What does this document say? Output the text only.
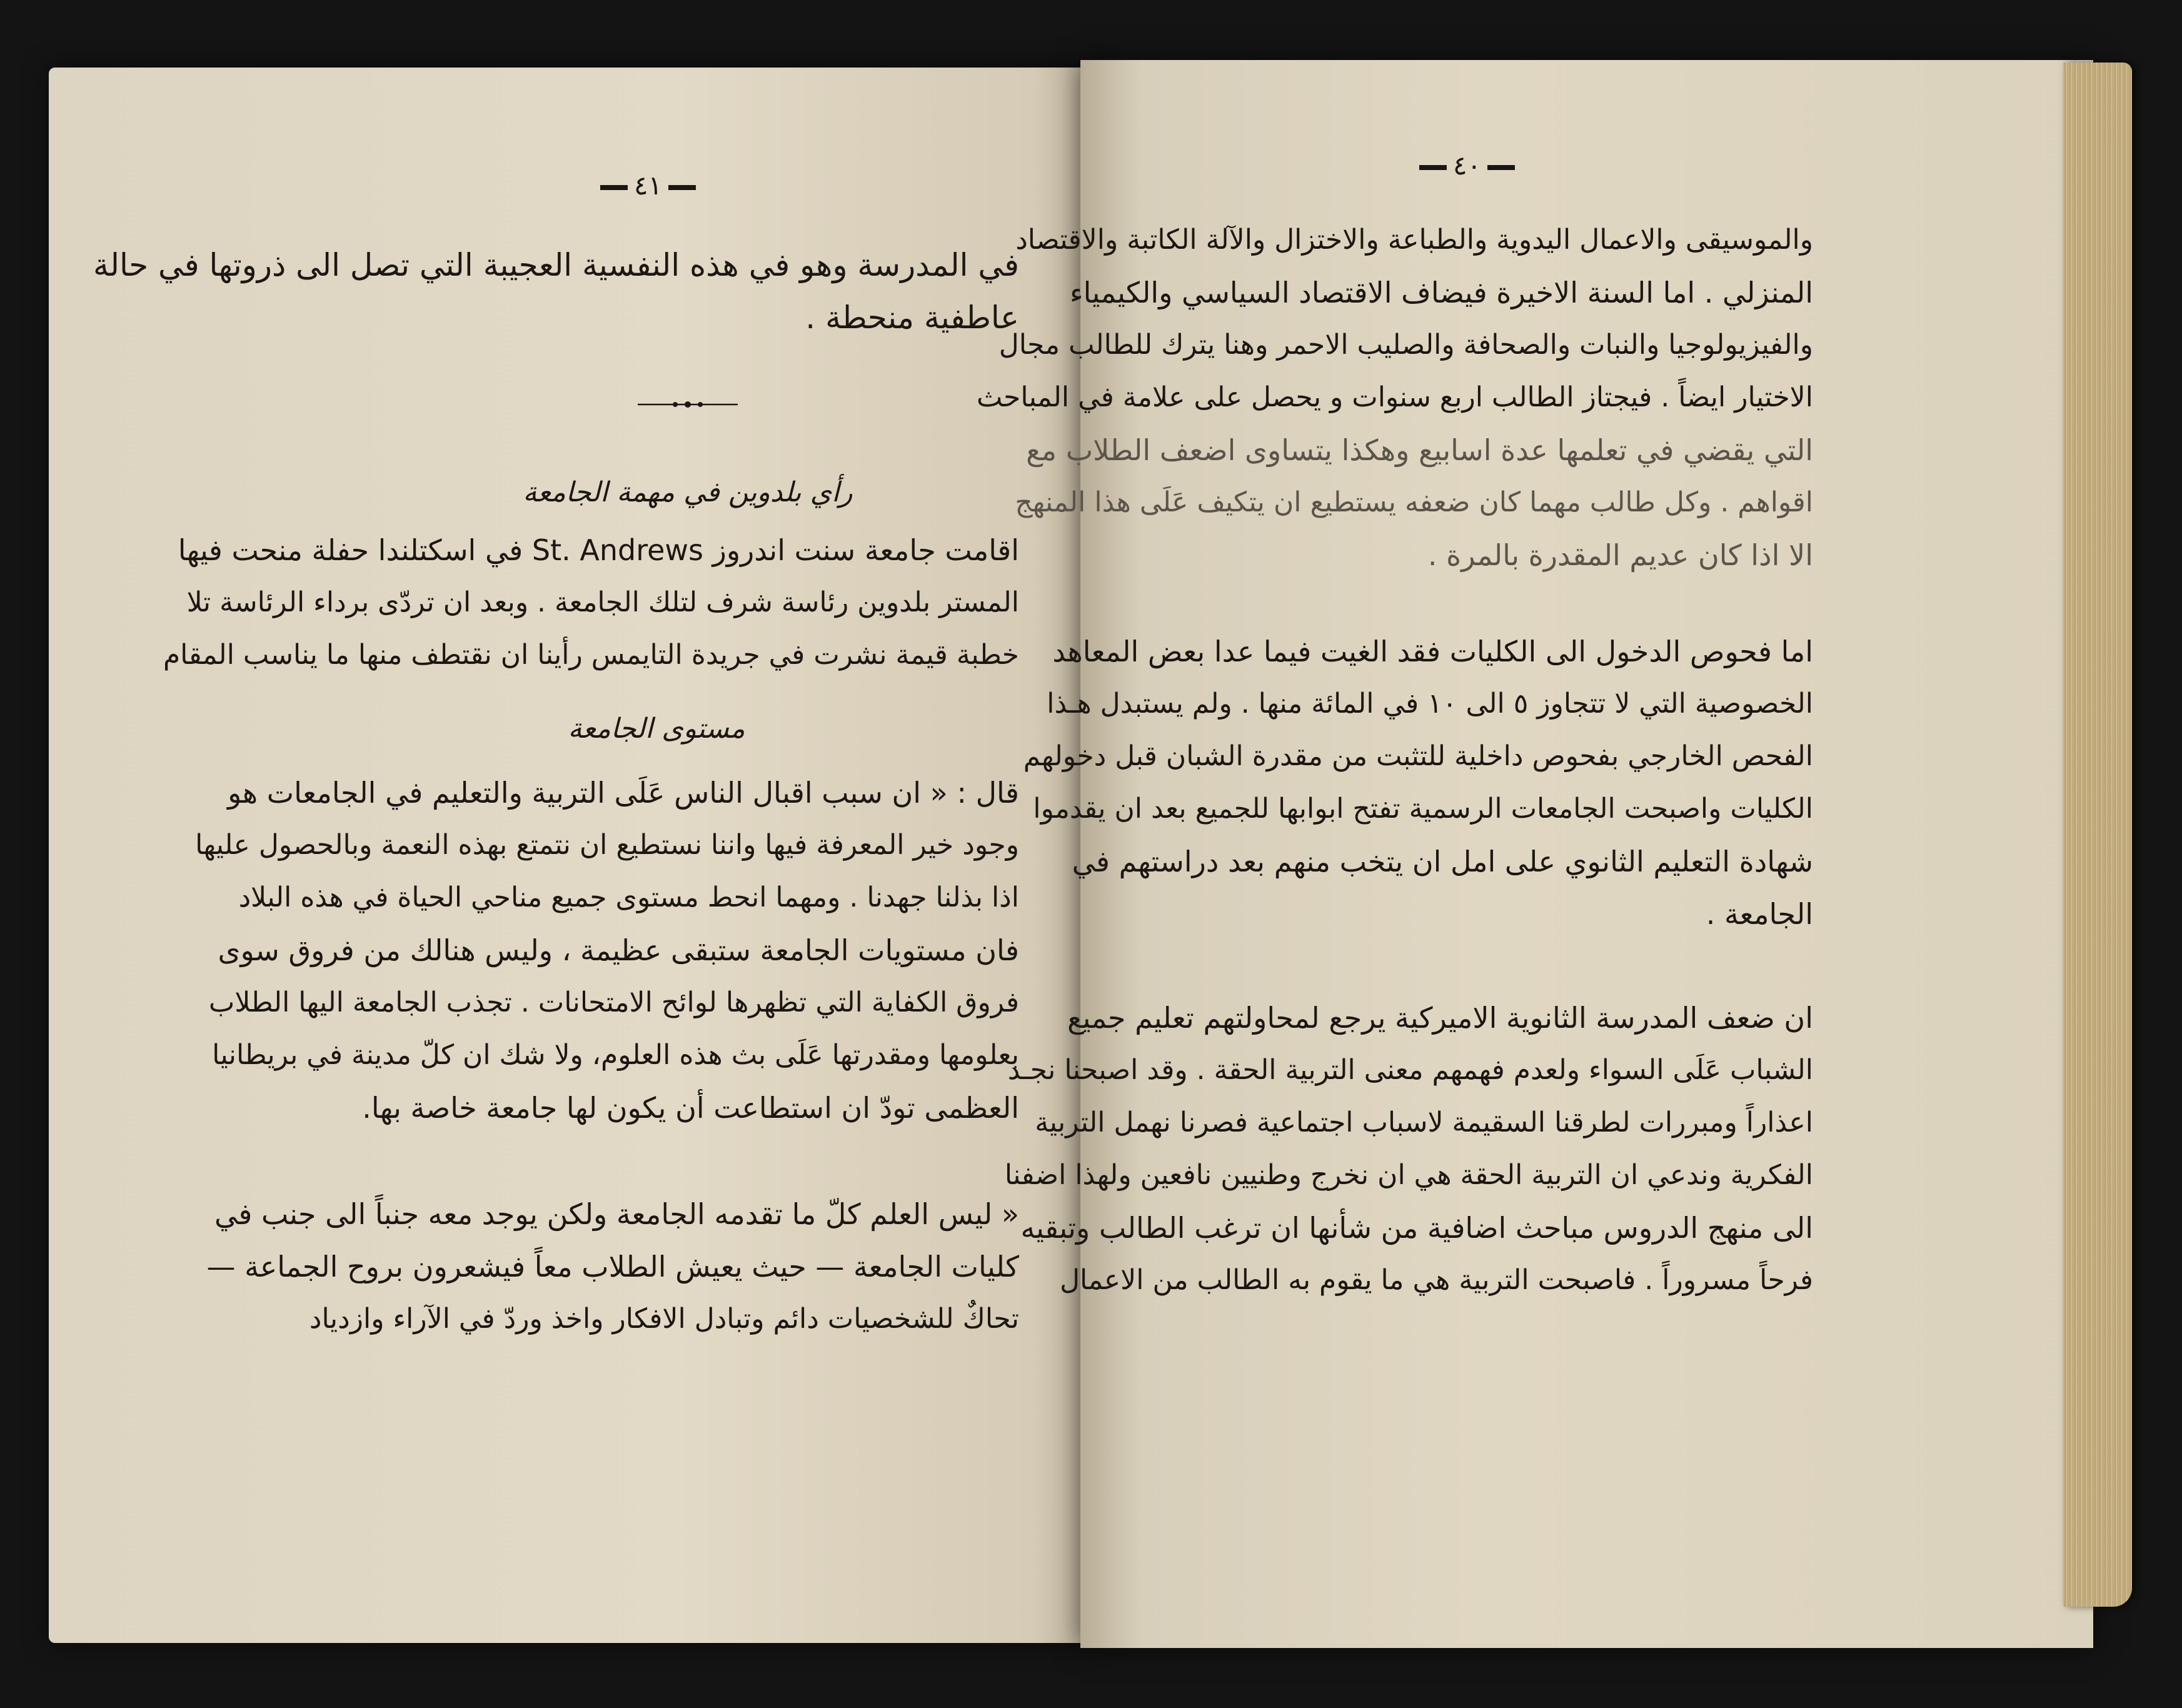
٤١
في المدرسة وهو في هذه النفسية العجيبة التي تصل الى ذروتها في حالة
عاطفية منحطة .
رأي بلدوين في مهمة الجامعة
اقامت جامعة سنت اندروز St. Andrews في اسكتلندا حفلة منحت فيها
المستر بلدوين رئاسة شرف لتلك الجامعة . وبعد ان تردّى برداء الرئاسة تلا
خطبة قيمة نشرت في جريدة التايمس رأينا ان نقتطف منها ما يناسب المقام
مستوى الجامعة
قال : « ان سبب اقبال الناس عَلَى التربية والتعليم في الجامعات هو
وجود خير المعرفة فيها واننا نستطيع ان نتمتع بهذه النعمة وبالحصول عليها
اذا بذلنا جهدنا . ومهما انحط مستوى جميع مناحي الحياة في هذه البلاد
فان مستويات الجامعة ستبقى عظيمة ، وليس هنالك من فروق سوى
فروق الكفاية التي تظهرها لوائح الامتحانات . تجذب الجامعة اليها الطلاب
بعلومها ومقدرتها عَلَى بث هذه العلوم، ولا شك ان كلّ مدينة في بريطانيا
العظمى تودّ ان استطاعت أن يكون لها جامعة خاصة بها.
« ليس العلم كلّ ما تقدمه الجامعة ولكن يوجد معه جنباً الى جنب في
كليات الجامعة — حيث يعيش الطلاب معاً فيشعرون بروح الجماعة —
تحاكٌ للشخصيات دائم وتبادل الافكار واخذ وردّ في الآراء وازدياد
٤٠
والموسيقى والاعمال اليدوية والطباعة والاختزال والآلة الكاتبة والاقتصاد
المنزلي . اما السنة الاخيرة فيضاف الاقتصاد السياسي والكيمياء
والفيزيولوجيا والنبات والصحافة والصليب الاحمر وهنا يترك للطالب مجال
الاختيار ايضاً . فيجتاز الطالب اربع سنوات و يحصل على علامة في المباحث
التي يقضي في تعلمها عدة اسابيع وهكذا يتساوى اضعف الطلاب مع
اقواهم . وكل طالب مهما كان ضعفه يستطيع ان يتكيف عَلَى هذا المنهج
الا اذا كان عديم المقدرة بالمرة .
اما فحوص الدخول الى الكليات فقد الغيت فيما عدا بعض المعاهد
الخصوصية التي لا تتجاوز ٥ الى ١٠ في المائة منها . ولم يستبدل هـذا
الفحص الخارجي بفحوص داخلية للتثبت من مقدرة الشبان قبل دخولهم
الكليات واصبحت الجامعات الرسمية تفتح ابوابها للجميع بعد ان يقدموا
شهادة التعليم الثانوي على امل ان يتخب منهم بعد دراستهم في
الجامعة .
ان ضعف المدرسة الثانوية الاميركية يرجع لمحاولتهم تعليم جميع
الشباب عَلَى السواء ولعدم فهمهم معنى التربية الحقة . وقد اصبحنا نجـد
اعذاراً ومبررات لطرقنا السقيمة لاسباب اجتماعية فصرنا نهمل التربية
الفكرية وندعي ان التربية الحقة هي ان نخرج وطنيين نافعين ولهذا اضفنا
الى منهج الدروس مباحث اضافية من شأنها ان ترغب الطالب وتبقيه
فرحاً مسروراً . فاصبحت التربية هي ما يقوم به الطالب من الاعمال
